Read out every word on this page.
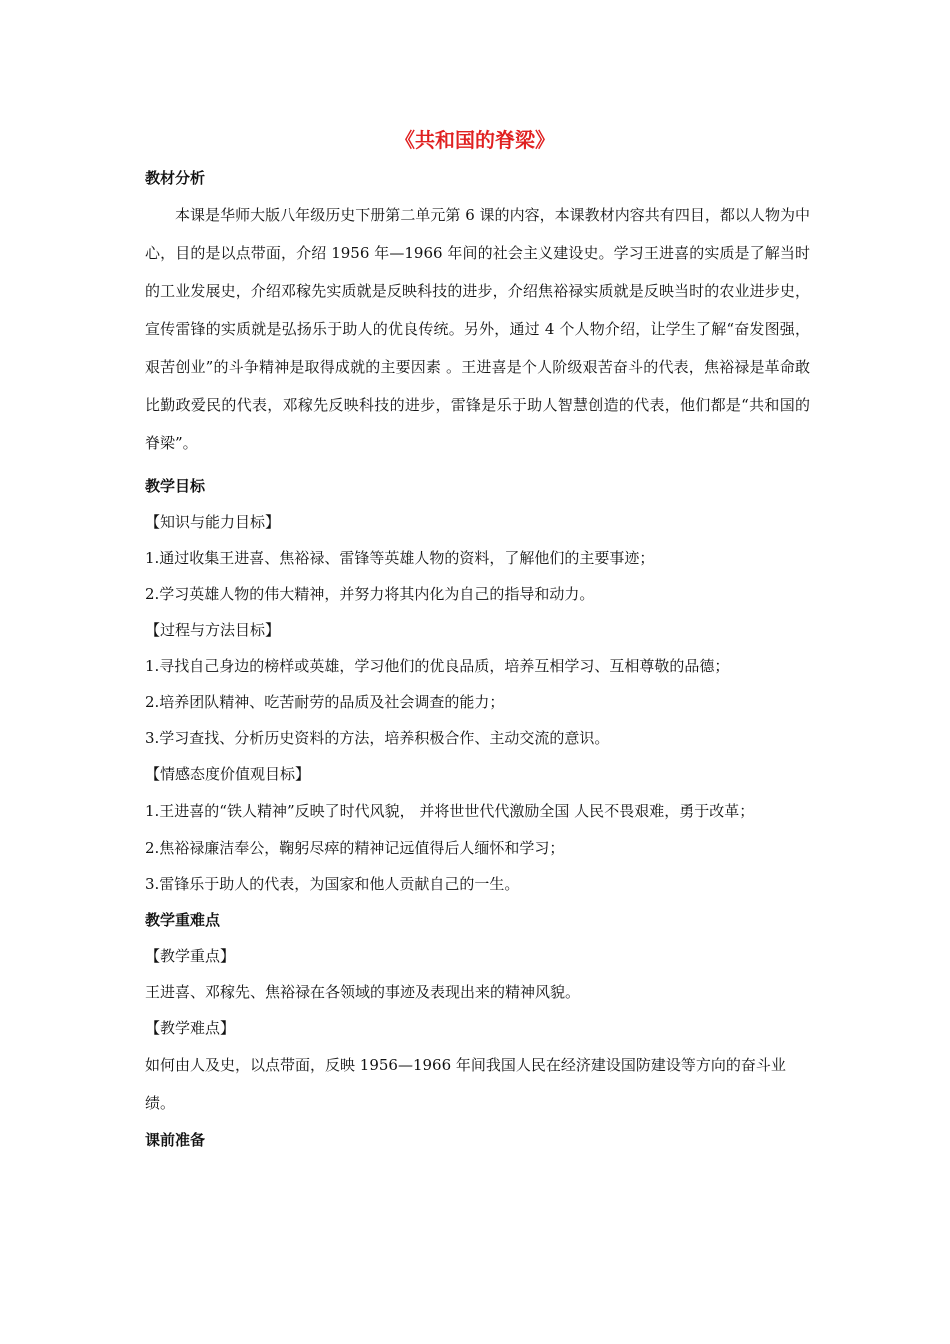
《共和国的脊梁》
教材分析
本课是华师大版八年级历史下册第二单元第 6 课的内容，本课教材内容共有四目，都以人物为中心，目的是以点带面，介绍 1956 年—1966 年间的社会主义建设史。学习王进喜的实质是了解当时的工业发展史，介绍邓稼先实质就是反映科技的进步，介绍焦裕禄实质就是反映当时的农业进步史，宣传雷锋的实质就是弘扬乐于助人的优良传统。另外，通过 4 个人物介绍，让学生了解“奋发图强，艰苦创业”的斗争精神是取得成就的主要因素 。王进喜是个人阶级艰苦奋斗的代表，焦裕禄是革命敢比勤政爱民的代表，邓稼先反映科技的进步，雷锋是乐于助人智慧创造的代表，他们都是“共和国的脊梁”。
教学目标
【知识与能力目标】
1.通过收集王进喜、焦裕禄、雷锋等英雄人物的资料，了解他们的主要事迹；
2.学习英雄人物的伟大精神，并努力将其内化为自己的指导和动力。
【过程与方法目标】
1.寻找自己身边的榜样或英雄，学习他们的优良品质，培养互相学习、互相尊敬的品德；
2.培养团队精神、吃苦耐劳的品质及社会调查的能力；
3.学习查找、分析历史资料的方法，培养积极合作、主动交流的意识。
【情感态度价值观目标】
1.王进喜的“铁人精神”反映了时代风貌， 并将世世代代激励全国 人民不畏艰难，勇于改革；
2.焦裕禄廉洁奉公，鞠躬尽瘁的精神记远值得后人缅怀和学习；
3.雷锋乐于助人的代表，为国家和他人贡献自己的一生。
教学重难点
【教学重点】
王进喜、邓稼先、焦裕禄在各领域的事迹及表现出来的精神风貌。
【教学难点】
如何由人及史，以点带面，反映 1956—1966 年间我国人民在经济建设国防建设等方向的奋斗业绩。
课前准备
